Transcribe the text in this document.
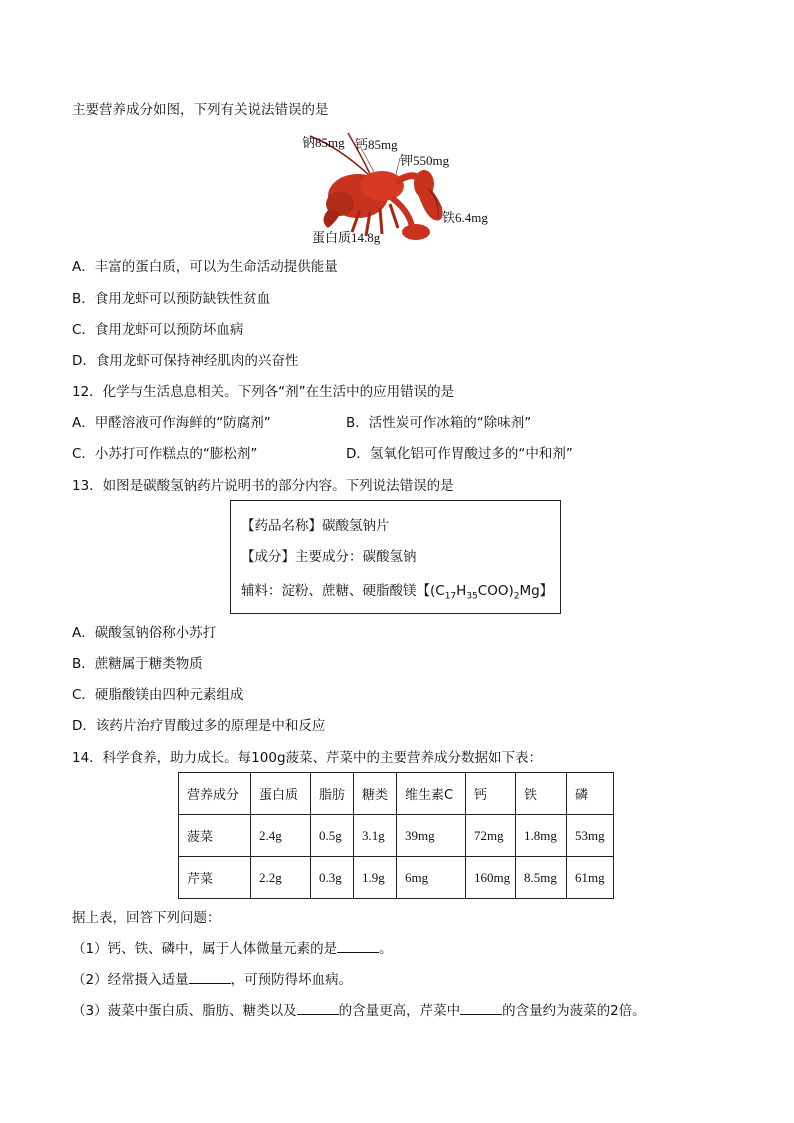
主要营养成分如图，下列有关说法错误的是
钠85mg 钙85mg
钾550mg
铁6.4mg
蛋白质14.8g
A．丰富的蛋白质，可以为生命活动提供能量
B．食用龙虾可以预防缺铁性贫血
C．食用龙虾可以预防坏血病
D．食用龙虾可保持神经肌肉的兴奋性
12．化学与生活息息相关。下列各“剂”在生活中的应用错误的是
A．甲醛溶液可作海鲜的“防腐剂”	B．活性炭可作冰箱的“除味剂”
C．小苏打可作糕点的“膨松剂”	D．氢氧化铝可作胃酸过多的“中和剂”
13．如图是碳酸氢钠药片说明书的部分内容。下列说法错误的是
【药品名称】碳酸氢钠片
【成分】主要成分：碳酸氢钠
辅料：淀粉、蔗糖、硬脂酸镁【$(C_{17}H_{35}COO)_2Mg$】
A．碳酸氢钠俗称小苏打
B．蔗糖属于糖类物质
C．硬脂酸镁由四种元素组成
D．该药片治疗胃酸过多的原理是中和反应
14．科学食养，助力成长。每100g菠菜、芹菜中的主要营养成分数据如下表：
营养成分	蛋白质	脂肪	糖类	维生素C	钙	铁	磷
菠菜	2.4g	0.5g	3.1g	39mg	72mg	1.8mg	53mg
芹菜	2.2g	0.3g	1.9g	6mg	160mg	8.5mg	61mg
据上表，回答下列问题：
（1）钙、铁、磷中，属于人体微量元素的是	。
（2）经常摄入适量	，可预防得坏血病。
（3）菠菜中蛋白质、脂肪、糖类以及	的含量更高，芹菜中	的含量约为菠菜的2倍。
